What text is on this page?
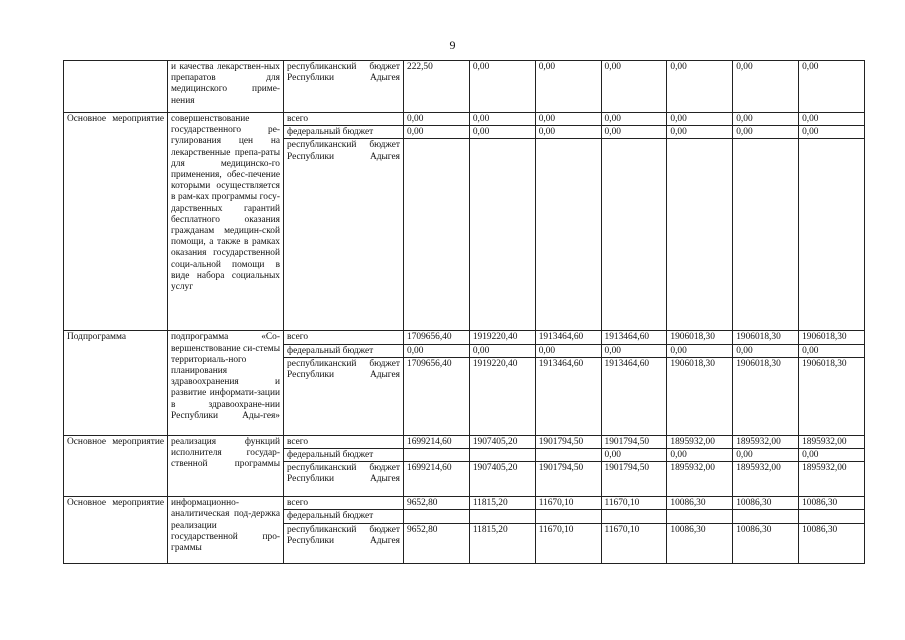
9
	и качества лекарствен-ных препаратов для медицинского приме-нения	республиканский бюджет Республики Адыгея	222,50	0,00	0,00	0,00	0,00	0,00	0,00
Основное мероприятие	совершенствование государственного ре-гулирования цен на лекарственные препа-раты для медицинско-го применения, обес-печение которыми осуществляется в рам-ках программы госу-дарственных гарантий бесплатного оказания гражданам медицин-ской помощи, а также в рамках оказания государственной соци-альной помощи в виде набора социальных услуг	всего	0,00	0,00	0,00	0,00	0,00	0,00	0,00
		федеральный бюджет	0,00	0,00	0,00	0,00	0,00	0,00	0,00
		республиканский бюджет Республики Адыгея							
Подпрограмма	подпрограмма «Со-вершенствование си-стемы территориаль-ного планирования здравоохранения и развитие информати-зации в здравоохране-нии Республики Ады-гея»	всего	1709656,40	1919220,40	1913464,60	1913464,60	1906018,30	1906018,30	1906018,30
		федеральный бюджет	0,00	0,00	0,00	0,00	0,00	0,00	0,00
		республиканский бюджет Республики Адыгея	1709656,40	1919220,40	1913464,60	1913464,60	1906018,30	1906018,30	1906018,30
Основное мероприятие	реализация функций исполнителя государ-ственной программы	всего	1699214,60	1907405,20	1901794,50	1901794,50	1895932,00	1895932,00	1895932,00
		федеральный бюджет				0,00	0,00	0,00	0,00
		республиканский бюджет Республики Адыгея	1699214,60	1907405,20	1901794,50	1901794,50	1895932,00	1895932,00	1895932,00
Основное мероприятие	информационно-аналитическая под-держка реализации государственной про-граммы	всего	9652,80	11815,20	11670,10	11670,10	10086,30	10086,30	10086,30
		федеральный бюджет							
		республиканский бюджет Республики Адыгея	9652,80	11815,20	11670,10	11670,10	10086,30	10086,30	10086,30
